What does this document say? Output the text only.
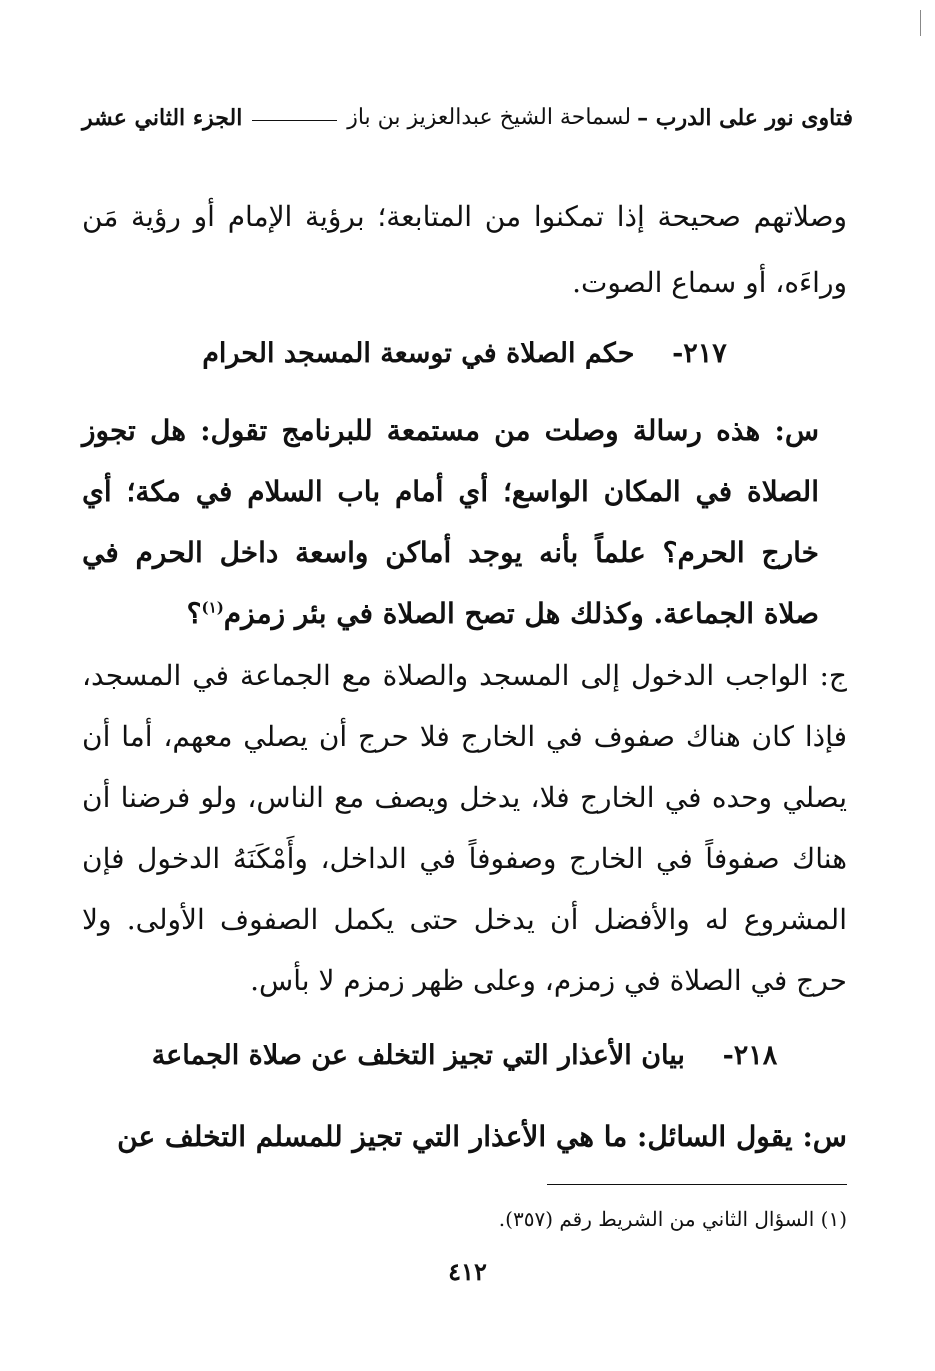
فتاوى نور على الدرب –
لسماحة الشيخ عبدالعزيز بن باز
الجزء الثاني عشر
وصلاتهم صحيحة إذا تمكنوا من المتابعة؛ برؤية الإمام أو رؤية مَن وراءَه، أو سماع الصوت.
٢١٧-    حكم الصلاة في توسعة المسجد الحرام
س: هذه رسالة وصلت من مستمعة للبرنامج تقول: هل تجوز الصلاة في المكان الواسع؛ أي أمام باب السلام في مكة؛ أي خارج الحرم؟ علماً بأنه يوجد أماكن واسعة داخل الحرم في صلاة الجماعة. وكذلك هل تصح الصلاة في بئر زمزم$^{(١)}$؟
ج: الواجب الدخول إلى المسجد والصلاة مع الجماعة في المسجد، فإذا كان هناك صفوف في الخارج فلا حرج أن يصلي معهم، أما أن يصلي وحده في الخارج فلا، يدخل ويصف مع الناس، ولو فرضنا أن هناك صفوفاً في الخارج وصفوفاً في الداخل، وأَمْكَنَهُ الدخول فإن المشروع له والأفضل أن يدخل حتى يكمل الصفوف الأولى. ولا حرج في الصلاة في زمزم، وعلى ظهر زمزم لا بأس.
٢١٨-    بيان الأعذار التي تجيز التخلف عن صلاة الجماعة
س: يقول السائل: ما هي الأعذار التي تجيز للمسلم التخلف عن
(١) السؤال الثاني من الشريط رقم (٣٥٧).
٤١٢
